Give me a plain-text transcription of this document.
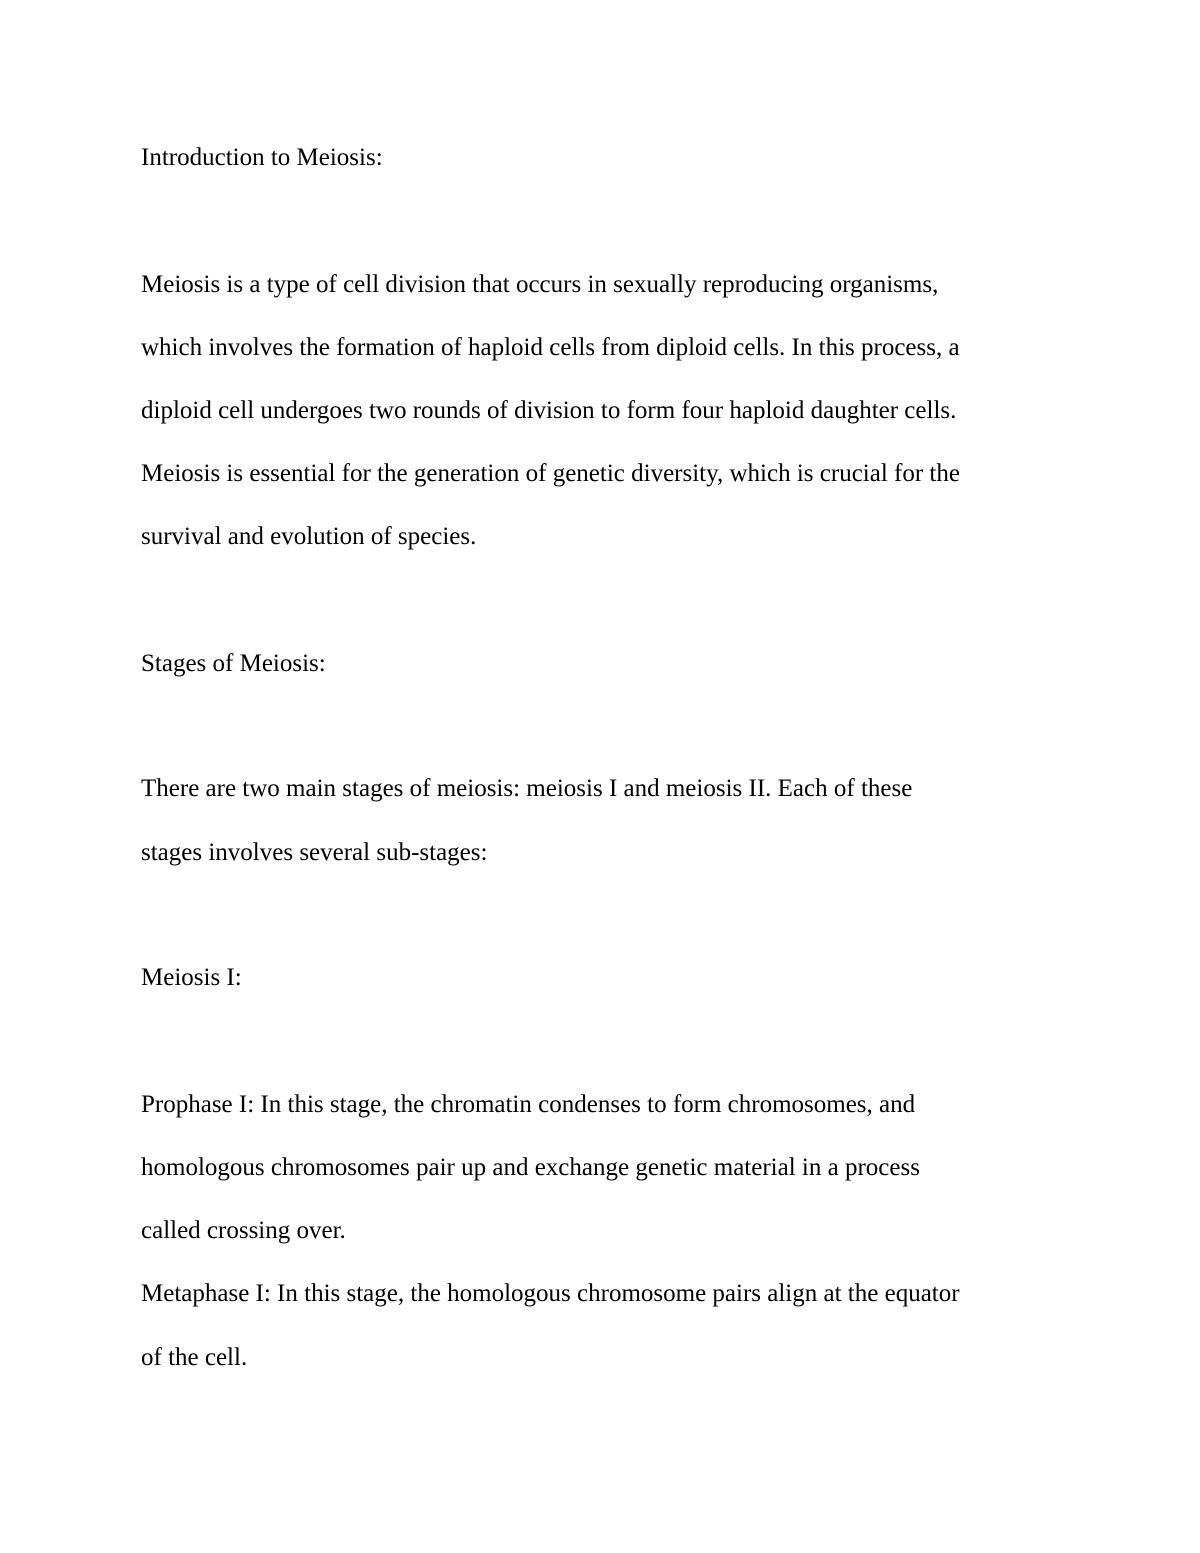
Introduction to Meiosis:

Meiosis is a type of cell division that occurs in sexually reproducing organisms,

which involves the formation of haploid cells from diploid cells. In this process, a

diploid cell undergoes two rounds of division to form four haploid daughter cells.

Meiosis is essential for the generation of genetic diversity, which is crucial for the

survival and evolution of species.

Stages of Meiosis:

There are two main stages of meiosis: meiosis I and meiosis II. Each of these

stages involves several sub-stages:

Meiosis I:

Prophase I: In this stage, the chromatin condenses to form chromosomes, and

homologous chromosomes pair up and exchange genetic material in a process

called crossing over.

Metaphase I: In this stage, the homologous chromosome pairs align at the equator

of the cell.
